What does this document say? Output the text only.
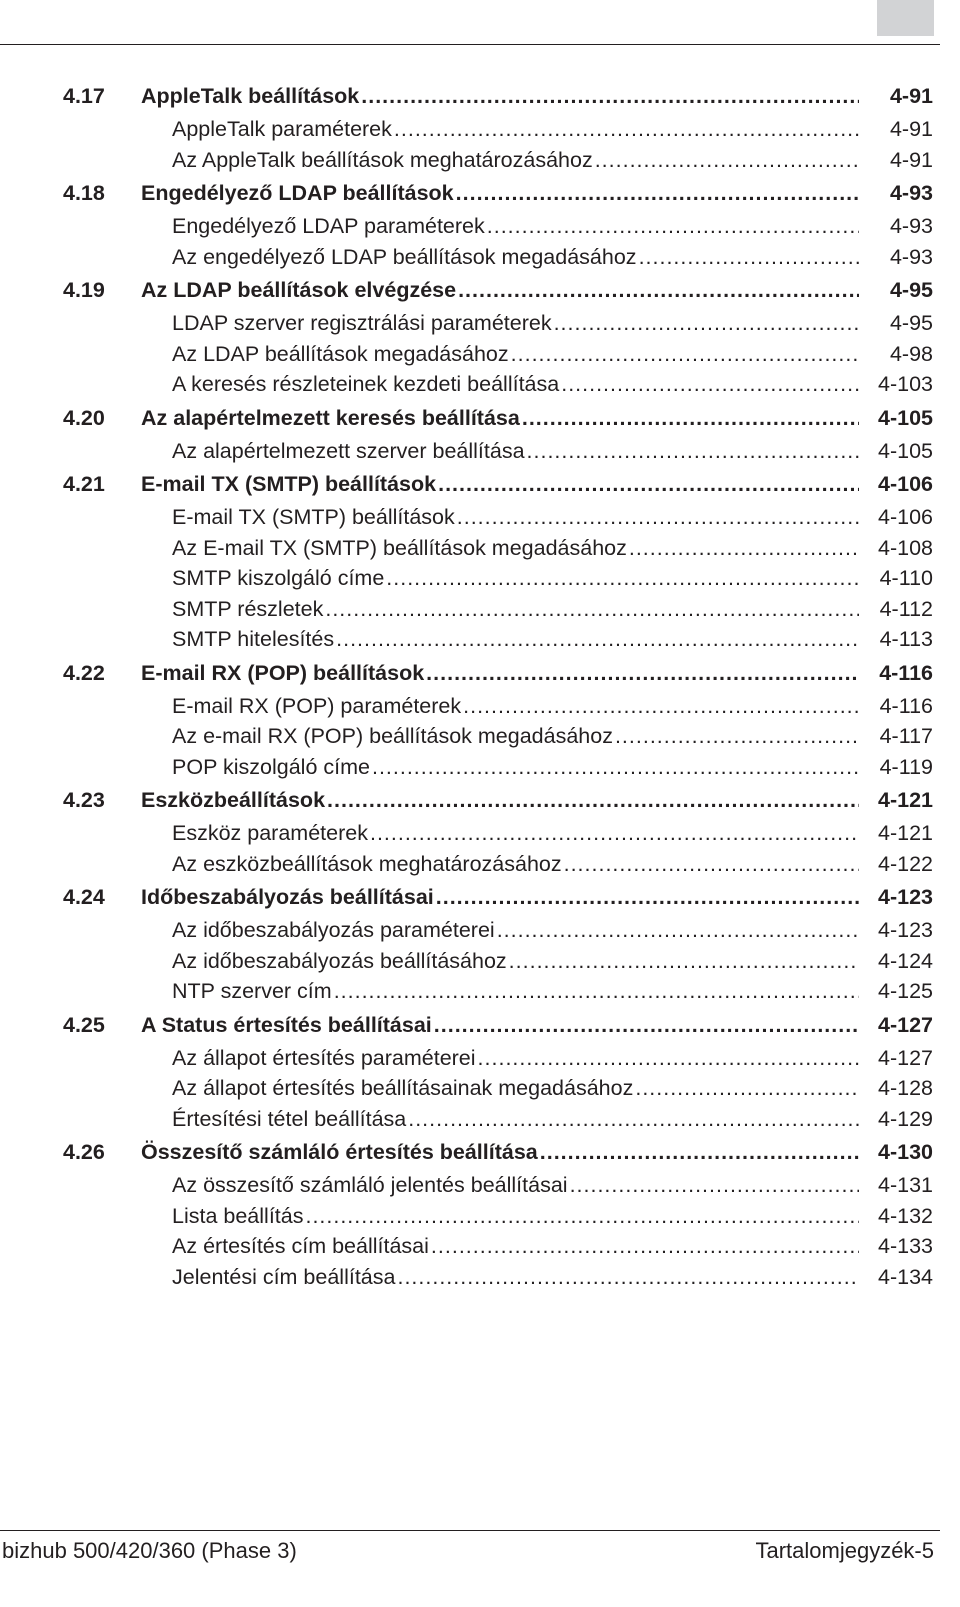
4.17	AppleTalk beállítások .....	4-91
AppleTalk paraméterek .....	4-91
Az AppleTalk beállítások meghatározásához .....	4-91
4.18	Engedélyező LDAP beállítások .....	4-93
Engedélyező LDAP paraméterek .....	4-93
Az engedélyező LDAP beállítások megadásához .....	4-93
4.19	Az LDAP beállítások elvégzése .....	4-95
LDAP szerver regisztrálási paraméterek .....	4-95
Az LDAP beállítások megadásához .....	4-98
A keresés részleteinek kezdeti beállítása .....	4-103
4.20	Az alapértelmezett keresés beállítása .....	4-105
Az alapértelmezett szerver beállítása .....	4-105
4.21	E-mail TX (SMTP) beállítások .....	4-106
E-mail TX (SMTP) beállítások .....	4-106
Az E-mail TX (SMTP) beállítások megadásához .....	4-108
SMTP kiszolgáló címe .....	4-110
SMTP részletek .....	4-112
SMTP hitelesítés .....	4-113
4.22	E-mail RX (POP) beállítások .....	4-116
E-mail RX (POP) paraméterek .....	4-116
Az e-mail RX (POP) beállítások megadásához .....	4-117
POP kiszolgáló címe .....	4-119
4.23	Eszközbeállítások .....	4-121
Eszköz paraméterek .....	4-121
Az eszközbeállítások meghatározásához .....	4-122
4.24	Időbeszabályozás beállításai .....	4-123
Az időbeszabályozás paraméterei .....	4-123
Az időbeszabályozás beállításához .....	4-124
NTP szerver cím .....	4-125
4.25	A Status értesítés beállításai .....	4-127
Az állapot értesítés paraméterei .....	4-127
Az állapot értesítés beállításainak megadásához .....	4-128
Értesítési tétel beállítása .....	4-129
4.26	Összesítő számláló értesítés beállítása .....	4-130
Az összesítő számláló jelentés beállításai .....	4-131
Lista beállítás .....	4-132
Az értesítés cím beállításai .....	4-133
Jelentési cím beállítása .....	4-134
bizhub 500/420/360 (Phase 3)	Tartalomjegyzék-5
